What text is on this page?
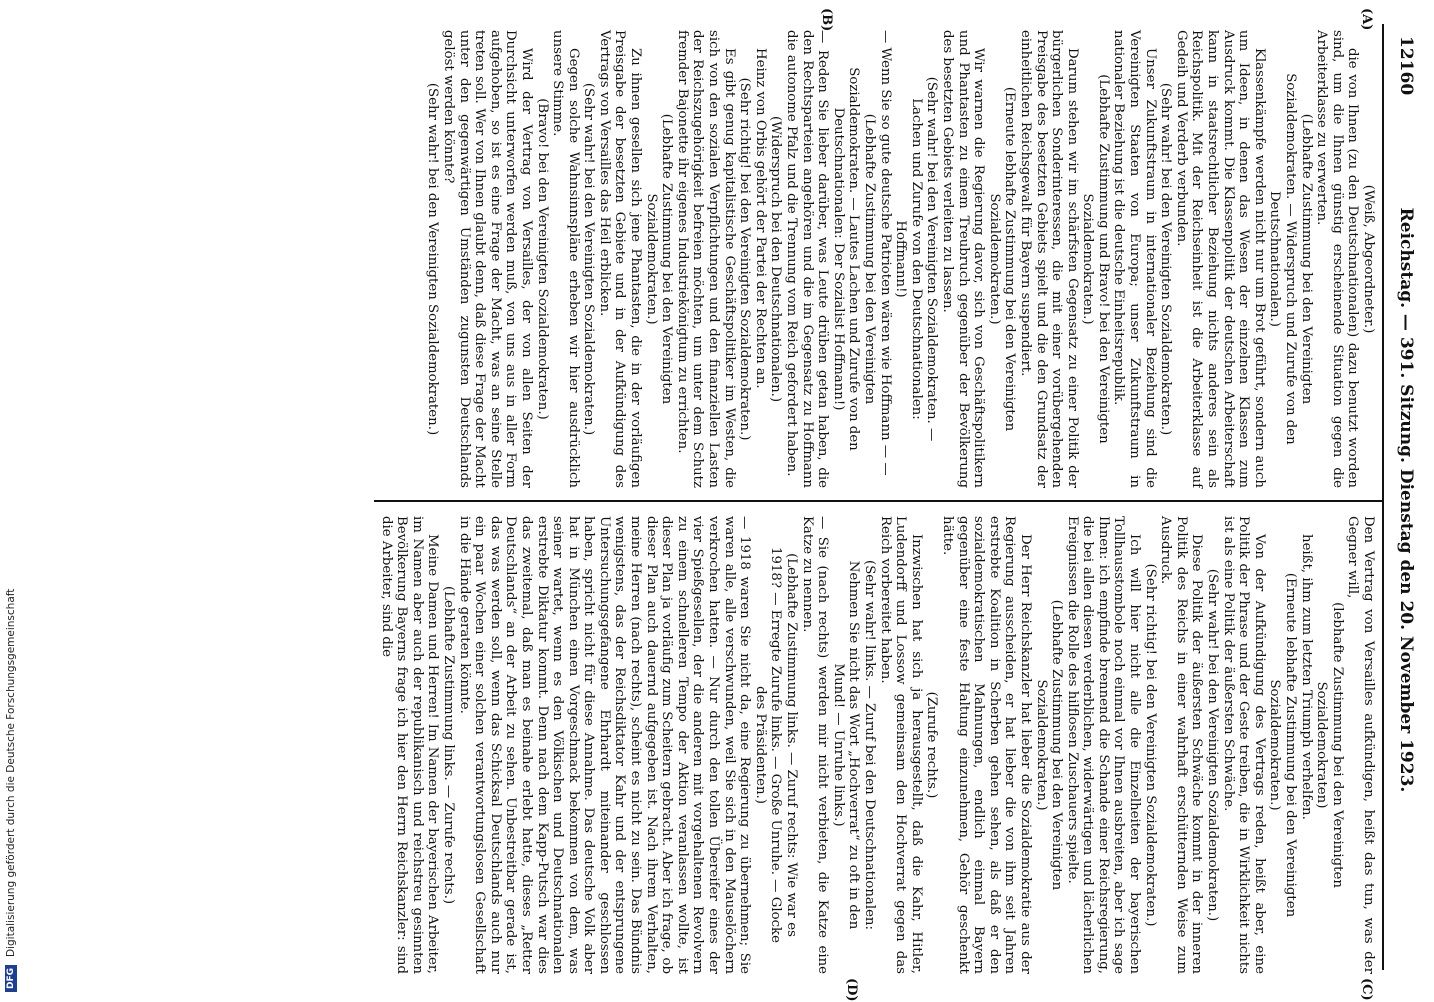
12160
Reichstag. — 391. Sitzung. Dienstag den 20. November 1923.
(A)
(B)
(C)
(D)

(Weiß, Abgeordneter.)

die von Ihnen (zu den Deutschnationalen) dazu benutzt worden sind, um die Ihnen günstig erscheinende Situation gegen die Arbeiterklasse zu verwerten.

(Lebhafte Zustimmung bei den Vereinigten Sozialdemokraten. — Widerspruch und Zurufe von den Deutschnationalen.)

Klassenkämpfe werden nicht nur um Brot geführt, sondern auch um Ideen, in denen das Wesen der einzelnen Klassen zum Ausdruck kommt. Die Klassenpolitik der deutschen Arbeiterschaft kann in staatsrechtlicher Beziehung nichts anderes sein als Reichspolitik. Mit der Reichseinheit ist die Arbeiterklasse auf Gedeih und Verderb verbunden.

(Sehr wahr! bei den Vereinigten Sozialdemokraten.)

Unser Zukunftstraum in internationaler Beziehung sind die Vereinigten Staaten von Europa; unser Zukunftstraum in nationaler Beziehung ist die deutsche Einheitsrepublik.

(Lebhafte Zustimmung und Bravo! bei den Vereinigten Sozialdemokraten.)

Darum stehen wir im schärfsten Gegensatz zu einer Politik der bürgerlichen Sonderinteressen, die mit einer vorübergehenden Preisgabe des besetzten Gebiets spielt und die den Grundsatz der einheitlichen Reichsgewalt für Bayern suspendiert.

(Erneute lebhafte Zustimmung bei den Vereinigten Sozialdemokraten.)

Wir warnen die Regierung davor, sich von Geschäftspolitikern und Phantasten zu einem Treubruch gegenüber der Bevölkerung des besetzten Gebiets verleiten zu lassen.

(Sehr wahr! bei den Vereinigten Sozialdemokraten. — Lachen und Zurufe von den Deutschnationalen: Hoffmann!)

— Wenn Sie so gute deutsche Patrioten wären wie Hoffmann — —

(Lebhafte Zustimmung bei den Vereinigten Sozialdemokraten. — Lautes Lachen und Zurufe von den Deutschnationalen: Der Sozialist Hoffmann!)

— Reden Sie lieber darüber, was Leute drüben getan haben, die den Rechtsparteien angehören und die im Gegensatz zu Hoffmann die autonome Pfalz und die Trennung vom Reich gefordert haben.

(Widerspruch bei den Deutschnationalen.)

Heinz von Orbis gehört der Partei der Rechten an.

(Sehr richtig! bei den Vereinigten Sozialdemokraten.)

Es gibt genug kapitalistische Geschäftspolitiker im Westen, die sich von den sozialen Verpflichtungen und den finanziellen Lasten der Reichszugehörigkeit befreien möchten, um unter dem Schutz fremder Bajonette ihr eigenes Industriekönigtum zu errichten.

(Lebhafte Zustimmung bei den Vereinigten Sozialdemokraten.)

Zu ihnen gesellen sich jene Phantasten, die in der vorläufigen Preisgabe der besetzten Gebiete und in der Aufkündigung des Vertrags von Versailles das Heil erblicken.

(Sehr wahr! bei den Vereinigten Sozialdemokraten.)

Gegen solche Wahnsinnspläne erheben wir hier ausdrücklich unsere Stimme.

(Bravo! bei den Vereinigten Sozialdemokraten.)

Wird der Vertrag von Versailles, der von allen Seiten der Durchsicht unterworfen werden muß, von uns aus in aller Form aufgehoben, so ist es eine Frage der Macht, was an seine Stelle treten soll. Wer von Ihnen glaubt denn, daß diese Frage der Macht unter den gegenwärtigen Umständen zugunsten Deutschlands gelöst werden könnte?

(Sehr wahr! bei den Vereinigten Sozialdemokraten.)

Den Vertrag von Versailles aufkündigen, heißt das tun, was der Gegner will,

(lebhafte Zustimmung bei den Vereinigten Sozialdemokraten)

heißt, ihm zum letzten Triumph verhelfen.

(Erneute lebhafte Zustimmung bei den Vereinigten Sozialdemokraten.)

Von der Aufkündigung des Vertrags reden, heißt aber, eine Politik der Phrase und der Geste treiben, die in Wirklichkeit nichts ist als eine Politik der äußersten Schwäche.

(Sehr wahr! bei den Vereinigten Sozialdemokraten.)

Diese Politik der äußersten Schwäche kommt in der inneren Politik des Reichs in einer wahrhaft erschütternden Weise zum Ausdruck.

(Sehr richtig! bei den Vereinigten Sozialdemokraten.)

Ich will hier nicht alle die Einzelheiten der bayerischen Tollhausstombole noch einmal vor Ihnen ausbreiten, aber ich sage Ihnen: ich empfinde brennend die Schande einer Reichsregierung, die bei allen diesen verderblichen, widerwärtigen und lächerlichen Ereignissen die Rolle des hilflosen Zuschauers spielte.

(Lebhafte Zustimmung bei den Vereinigten Sozialdemokraten.)

Der Herr Reichskanzler hat lieber die Sozialdemokratie aus der Regierung ausscheiden, er hat lieber die von ihm seit Jahren erstrebte Koalition in Scherben gehen sehen, als daß er den sozialdemokratischen Mahnungen, endlich einmal Bayern gegenüber eine feste Haltung einzunehmen, Gehör geschenkt hätte.

(Zurufe rechts.)

Inzwischen hat sich ja herausgestellt, daß die Kahr, Hitler, Ludendorff und Lossow gemeinsam den Hochverrat gegen das Reich vorbereitet haben.

(Sehr wahr! links. — Zuruf bei den Deutschnationalen: Nehmen Sie nicht das Wort „Hochverrat“ zu oft in den Mund! — Unruhe links.)

— Sie (nach rechts) werden mir nicht verbieten, die Katze eine Katze zu nennen.

(Lebhafte Zustimmung links. — Zuruf rechts: Wie war es 1918? — Erregte Zurufe links. — Große Unruhe. — Glocke des Präsidenten.)

— 1918 waren Sie nicht da, eine Regierung zu übernehmen; Sie waren alle, alle verschwunden, weil Sie sich in den Mauselöchern verkrochen hatten. — Nur durch den tollen Übereifer eines der vier Spießgesellen, der die anderen mit vorgehaltenen Revolvern zu einem schnelleren Tempo der Aktion veranlassen wollte, ist dieser Plan ja vorläufig zum Scheitern gebracht. Aber ich frage, ob dieser Plan auch dauernd aufgegeben ist. Nach ihrem Verhalten, meine Herren (nach rechts), scheint es nicht zu sein. Das Bündnis wenigstens, das der Reichsdiktator Kahr und der entsprungene Untersuchungsgefangene Ehrhardt miteinander geschlossen haben, spricht nicht für diese Annahme. Das deutsche Volk aber hat in München einen Vorgeschmack bekommen von dem, was seiner wartet, wenn es den Völkischen und Deutschnationalen erstrebte Diktatur kommt. Denn nach dem Kapp-Putsch war dies das zweitemal, daß man es beinahe erlebt hatte, dieses „Retter Deutschlands“ an der Arbeit zu sehen. Unbestreitbar gerade ist, das was werden soll, wenn das Schicksal Deutschlands auch nur ein paar Wochen einer solchen verantwortungslosen Gesellschaft in die Hände geraten könnte.

(Lebhafte Zustimmung links. — Zurufe rechts.)

Meine Damen und Herren! Im Namen der bayerischen Arbeiter, im Namen aber auch der republikanisch und reichstreu gesinnten Bevölkerung Bayerns frage ich hier den Herrn Reichskanzler: sind die Arbeiter, sind die

DFG
Digitalisierung gefördert durch die Deutsche Forschungsgemeinschaft
